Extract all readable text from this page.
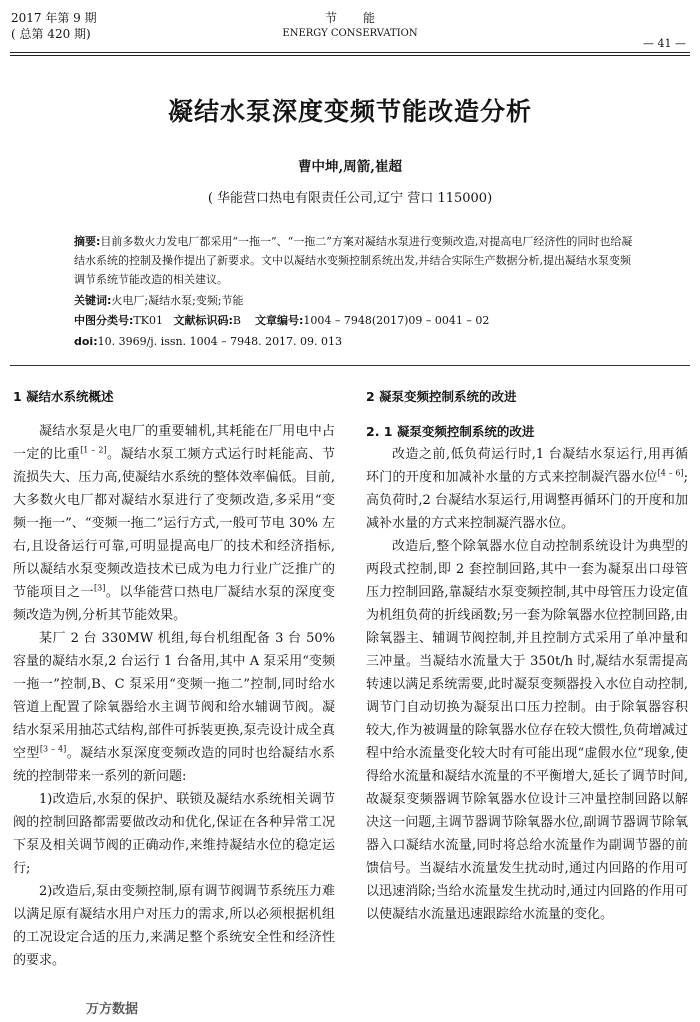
2017 年第 9 期
( 总第 420 期)
节能
ENERGY CONSERVATION
— 41 —
凝结水泵深度变频节能改造分析
曹中坤,周箭,崔超
( 华能营口热电有限责任公司,辽宁 营口 115000)
摘要:目前多数火力发电厂都采用“一拖一”、“一拖二”方案对凝结水泵进行变频改造,对提高电厂经济性的同时也给凝结水系统的控制及操作提出了新要求。文中以凝结水变频控制系统出发,并结合实际生产数据分析,提出凝结水泵变频调节系统节能改造的相关建议。
关键词:火电厂;凝结水泵;变频;节能
中图分类号:TK01 文献标识码:B 文章编号:1004 – 7948(2017)09 – 0041 – 02
doi:10. 3969/j. issn. 1004 – 7948. 2017. 09. 013
1 凝结水系统概述

凝结水泵是火电厂的重要辅机,其耗能在厂用电中占一定的比重[1 – 2]。凝结水泵工频方式运行时耗能高、节流损失大、压力高,使凝结水系统的整体效率偏低。目前,大多数火电厂都对凝结水泵进行了变频改造,多采用“变频一拖一”、“变频一拖二”运行方式,一般可节电 30% 左右,且设备运行可靠,可明显提高电厂的技术和经济指标,所以凝结水泵变频改造技术已成为电力行业广泛推广的节能项目之一[3]。以华能营口热电厂凝结水泵的深度变频改造为例,分析其节能效果。

某厂 2 台 330MW 机组,每台机组配备 3 台 50% 容量的凝结水泵,2 台运行 1 台备用,其中 A 泵采用“变频一拖一”控制,B、C 泵采用“变频一拖二”控制,同时给水管道上配置了除氧器给水主调节阀和给水辅调节阀。凝结水泵采用抽芯式结构,部件可拆装更换,泵壳设计成全真空型[3 – 4]。凝结水泵深度变频改造的同时也给凝结水系统的控制带来一系列的新问题:

1)改造后,水泵的保护、联锁及凝结水系统相关调节阀的控制回路都需要做改动和优化,保证在各种异常工况下泵及相关调节阀的正确动作,来维持凝结水位的稳定运行;

2)改造后,泵由变频控制,原有调节阀调节系统压力难以满足原有凝结水用户对压力的需求,所以必须根据机组的工况设定合适的压力,来满足整个系统安全性和经济性的要求。

2 凝泵变频控制系统的改进
2. 1 凝泵变频控制系统的改进

改造之前,低负荷运行时,1 台凝结水泵运行,用再循环门的开度和加减补水量的方式来控制凝汽器水位[4 – 6];高负荷时,2 台凝结水泵运行,用调整再循环门的开度和加减补水量的方式来控制凝汽器水位。

改造后,整个除氧器水位自动控制系统设计为典型的两段式控制,即 2 套控制回路,其中一套为凝泵出口母管压力控制回路,靠凝结水泵变频控制,其中母管压力设定值为机组负荷的折线函数;另一套为除氧器水位控制回路,由除氧器主、辅调节阀控制,并且控制方式采用了单冲量和三冲量。当凝结水流量大于 350t/h 时,凝结水泵需提高转速以满足系统需要,此时凝泵变频器投入水位自动控制,调节门自动切换为凝泵出口压力控制。由于除氧器容积较大,作为被调量的除氧器水位存在较大惯性,负荷增减过程中给水流量变化较大时有可能出现“虚假水位”现象,使得给水流量和凝结水流量的不平衡增大,延长了调节时间,故凝泵变频器调节除氧器水位设计三冲量控制回路以解决这一问题,主调节器调节除氧器水位,副调节器调节除氧器入口凝结水流量,同时将总给水流量作为副调节器的前馈信号。当凝结水流量发生扰动时,通过内回路的作用可以迅速消除;当给水流量发生扰动时,通过内回路的作用可以使凝结水流量迅速跟踪给水流量的变化。

万方数据
